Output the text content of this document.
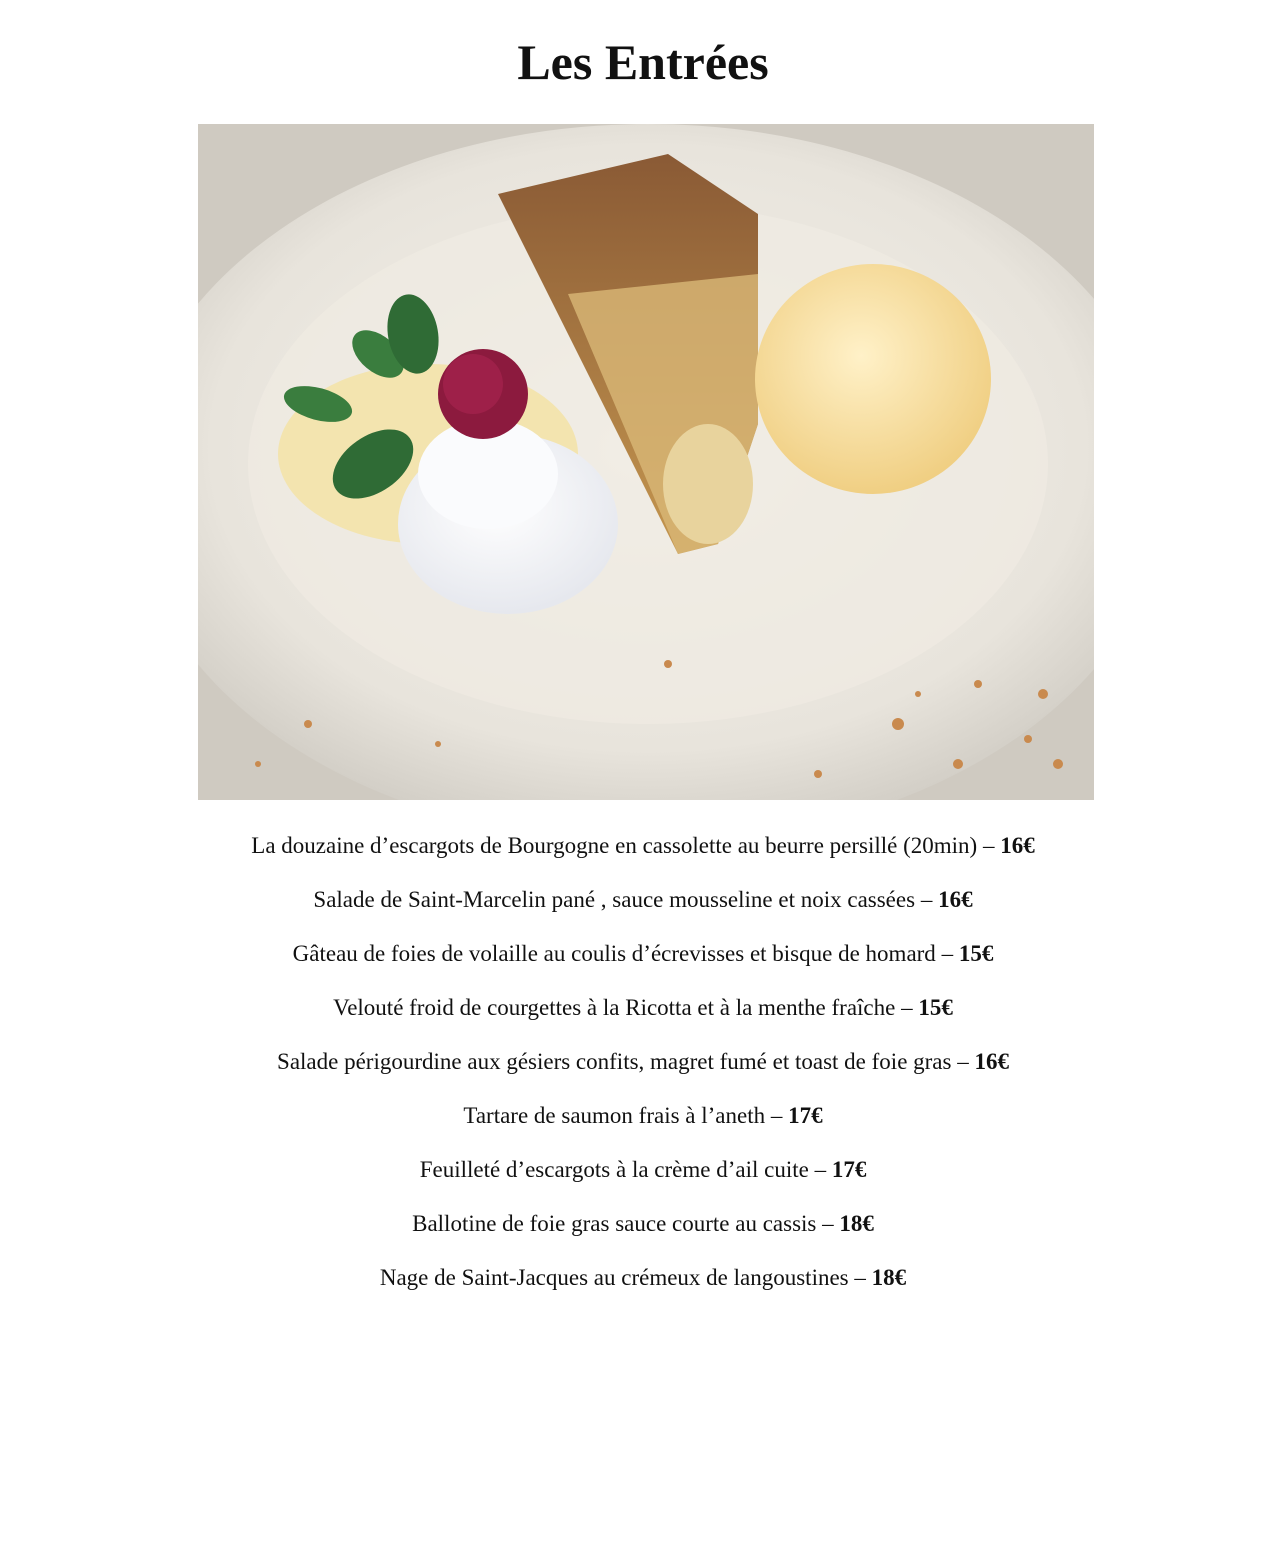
Les Entrées
La douzaine d’escargots de Bourgogne en cassolette au beurre persillé (20min) – 16€
Salade de Saint-Marcelin pané , sauce mousseline et noix cassées – 16€
Gâteau de foies de volaille au coulis d’écrevisses et bisque de homard – 15€
Velouté froid de courgettes à la Ricotta et à la menthe fraîche – 15€
Salade périgourdine aux gésiers confits, magret fumé et toast de foie gras – 16€
Tartare de saumon frais à l’aneth – 17€
Feuilleté d’escargots à la crème d’ail cuite – 17€
Ballotine de foie gras sauce courte au cassis – 18€
Nage de Saint-Jacques au crémeux de langoustines – 18€
